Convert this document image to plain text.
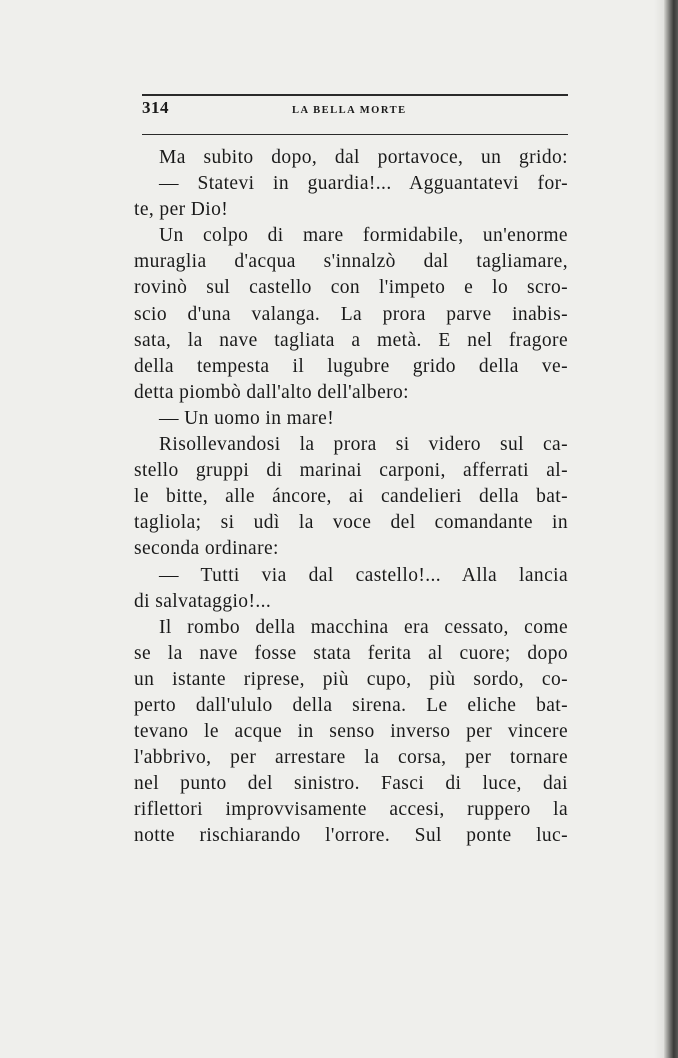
314	LA BELLA MORTE
Ma subito dopo, dal portavoce, un grido:
— Statevi in guardia!... Agguantatevi for-
te, per Dio!
Un colpo di mare formidabile, un'enorme
muraglia d'acqua s'innalzò dal tagliamare,
rovinò sul castello con l'impeto e lo scro-
scio d'una valanga. La prora parve inabis-
sata, la nave tagliata a metà. E nel fragore
della tempesta il lugubre grido della ve-
detta piombò dall'alto dell'albero:
— Un uomo in mare!
Risollevandosi la prora si videro sul ca-
stello gruppi di marinai carponi, afferrati al-
le bitte, alle áncore, ai candelieri della bat-
tagliola; si udì la voce del comandante in
seconda ordinare:
— Tutti via dal castello!... Alla lancia
di salvataggio!...
Il rombo della macchina era cessato, come
se la nave fosse stata ferita al cuore; dopo
un istante riprese, più cupo, più sordo, co-
perto dall'ululo della sirena. Le eliche bat-
tevano le acque in senso inverso per vincere
l'abbrivo, per arrestare la corsa, per tornare
nel punto del sinistro. Fasci di luce, dai
riflettori improvvisamente accesi, ruppero la
notte rischiarando l'orrore. Sul ponte luc-
